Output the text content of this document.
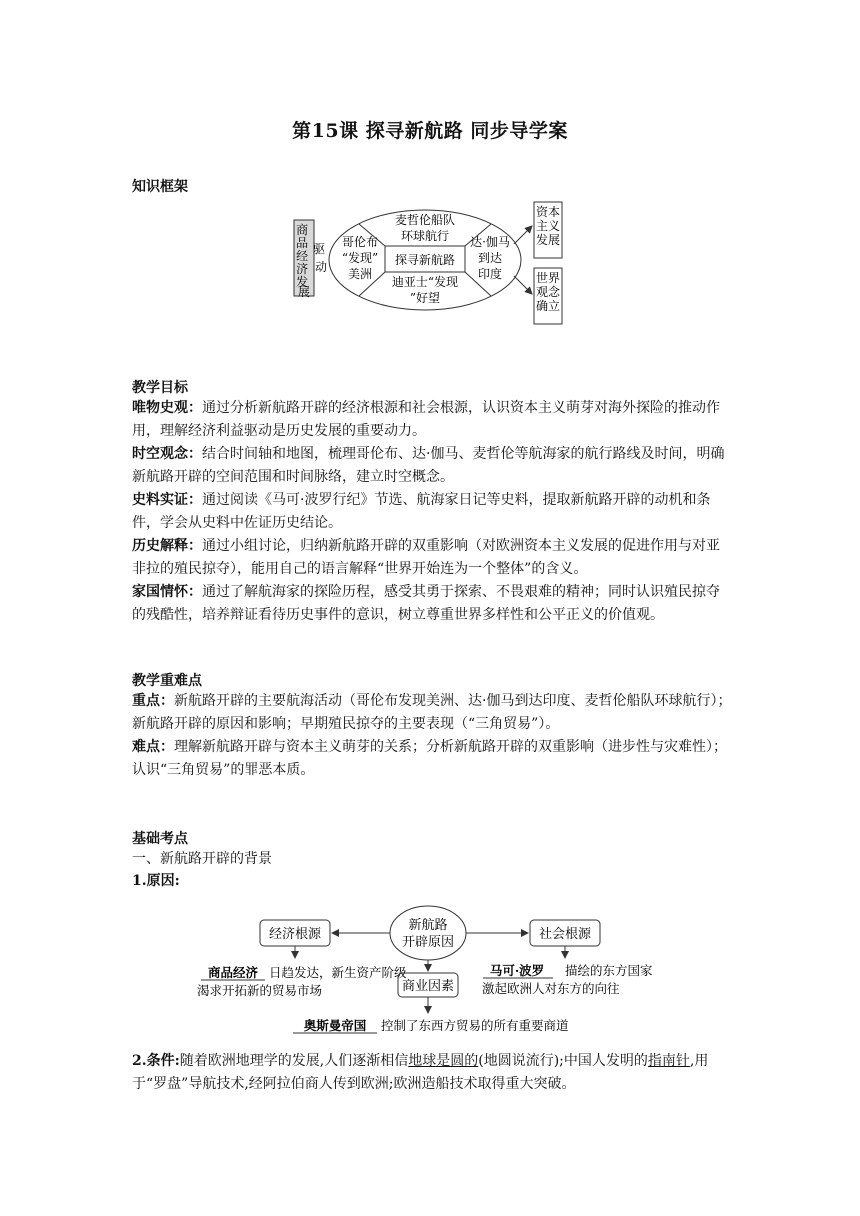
第15课 探寻新航路 同步导学案
知识框架
商 品 经 济 发 展
驱 动	探寻新航路
麦哲伦船队环球航行
迪亚士“发现”好望
哥伦布“发现”美洲
达·伽马到达印度
资本主义发展
世界观念确立
教学目标
唯物史观：通过分析新航路开辟的经济根源和社会根源，认识资本主义萌芽对海外探险的推动作用，理解经济利益驱动是历史发展的重要动力。
时空观念：结合时间轴和地图，梳理哥伦布、达·伽马、麦哲伦等航海家的航行路线及时间，明确新航路开辟的空间范围和时间脉络，建立时空概念。
史料实证：通过阅读《马可·波罗行纪》节选、航海家日记等史料，提取新航路开辟的动机和条件，学会从史料中佐证历史结论。
历史解释：通过小组讨论，归纳新航路开辟的双重影响（对欧洲资本主义发展的促进作用与对亚非拉的殖民掠夺），能用自己的语言解释“世界开始连为一个整体”的含义。
家国情怀：通过了解航海家的探险历程，感受其勇于探索、不畏艰难的精神；同时认识殖民掠夺的残酷性，培养辩证看待历史事件的意识，树立尊重世界多样性和公平正义的价值观。
教学重难点
重点：新航路开辟的主要航海活动（哥伦布发现美洲、达·伽马到达印度、麦哲伦船队环球航行）；新航路开辟的原因和影响；早期殖民掠夺的主要表现（“三角贸易”）。
难点：理解新航路开辟与资本主义萌芽的关系；分析新航路开辟的双重影响（进步性与灾难性）；认识“三角贸易”的罪恶本质。
基础考点
一、新航路开辟的背景
1.原因:
新航路开辟原因
经济根源	社会根源
商业因素
商品经济 日趋发达，新生资产阶级渴求开拓新的贸易市场
马可·波罗	描绘的东方国家激起欧洲人对东方的向往
奥斯曼帝国 控制了东西方贸易的所有重要商道
2.条件:随着欧洲地理学的发展,人们逐渐相信地球是圆的(地圆说流行);中国人发明的指南针,用于“罗盘”导航技术,经阿拉伯商人传到欧洲;欧洲造船技术取得重大突破。
